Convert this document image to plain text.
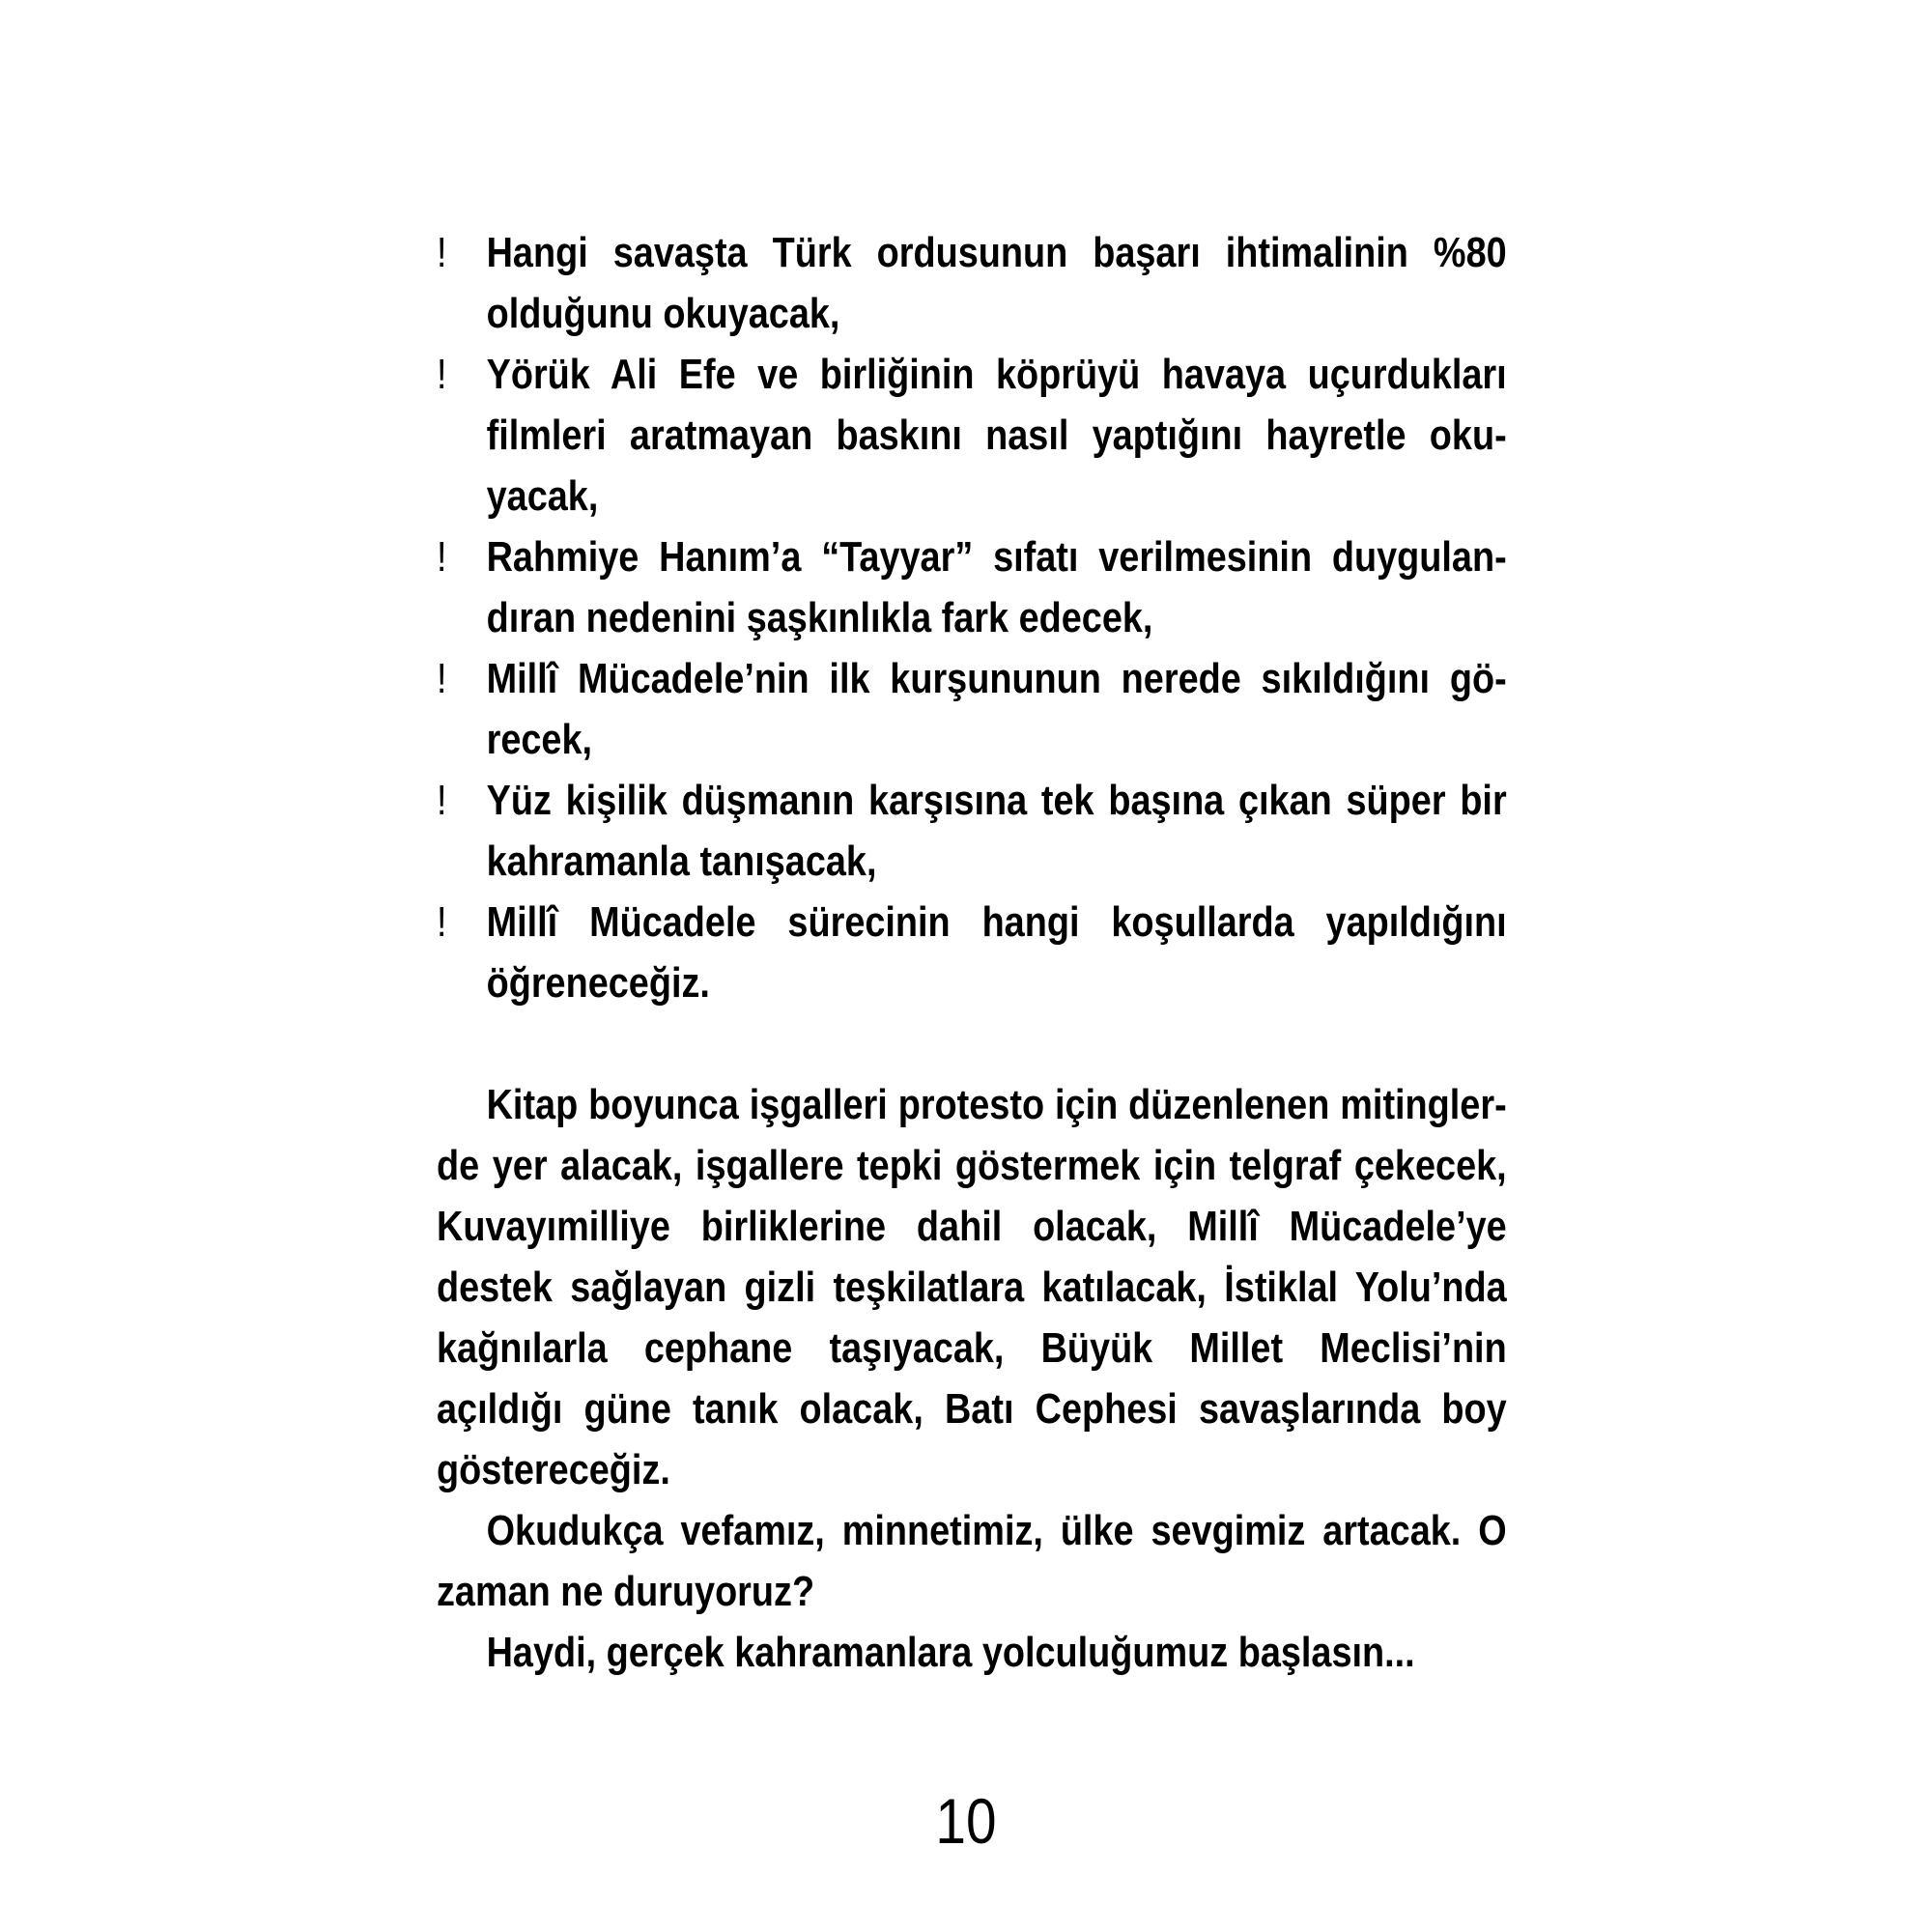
! Hangi savaşta Türk ordusunun başarı ihtimalinin %80 olduğunu okuyacak,
! Yörük Ali Efe ve birliğinin köprüyü havaya uçurdukları filmleri aratmayan baskını nasıl yaptığını hayretle okuyacak,
! Rahmiye Hanım’a “Tayyar” sıfatı verilmesinin duygulandıran nedenini şaşkınlıkla fark edecek,
! Millî Mücadele’nin ilk kurşununun nerede sıkıldığını görecek,
! Yüz kişilik düşmanın karşısına tek başına çıkan süper bir kahramanla tanışacak,
! Millî Mücadele sürecinin hangi koşullarda yapıldığını öğreneceğiz.

Kitap boyunca işgalleri protesto için düzenlenen mitinglerde yer alacak, işgallere tepki göstermek için telgraf çekecek, Kuvayımilliye birliklerine dahil olacak, Millî Mücadele’ye destek sağlayan gizli teşkilatlara katılacak, İstiklal Yolu’nda kağnılarla cephane taşıyacak, Büyük Millet Meclisi’nin açıldığı güne tanık olacak, Batı Cephesi savaşlarında boy göstereceğiz.

Okudukça vefamız, minnetimiz, ülke sevgimiz artacak. O zaman ne duruyoruz?

Haydi, gerçek kahramanlara yolculuğumuz başlasın...

10
